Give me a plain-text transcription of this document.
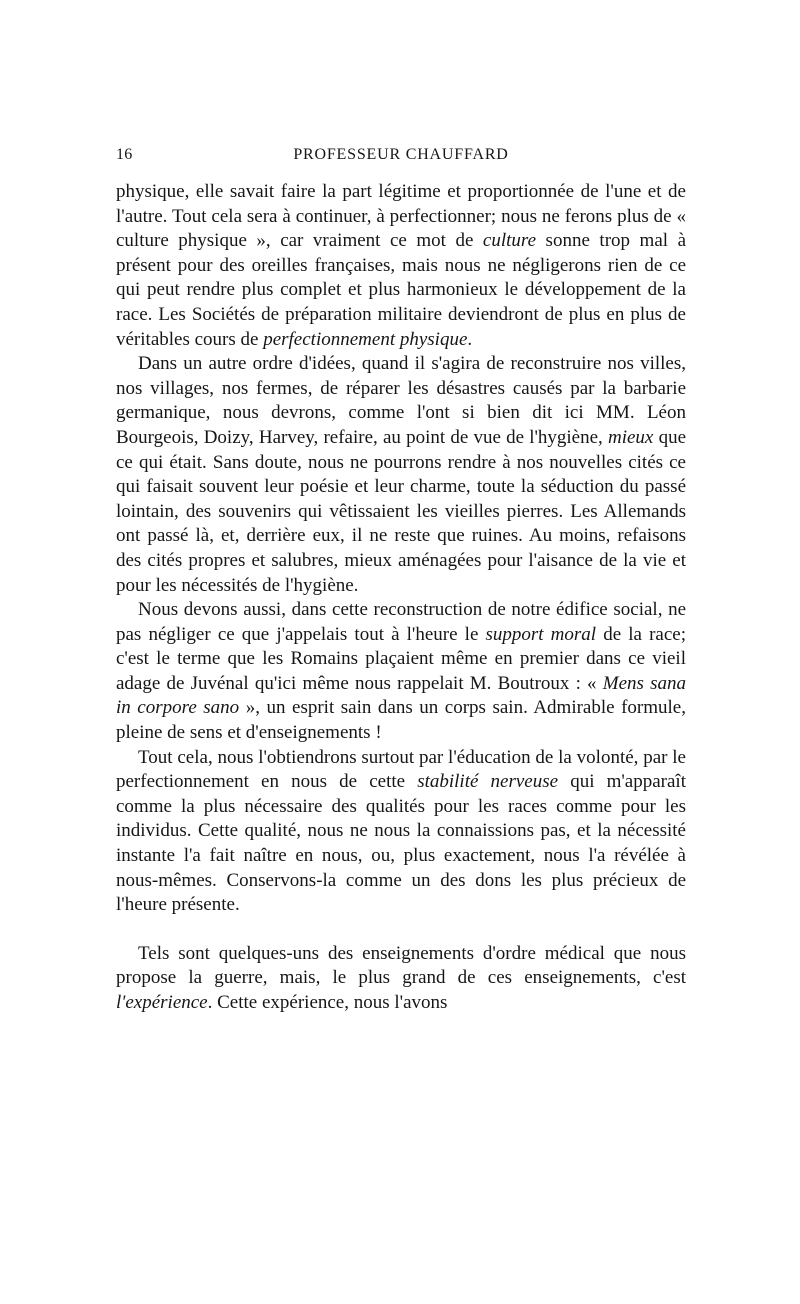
16	PROFESSEUR CHAUFFARD

physique, elle savait faire la part légitime et proportionnée de l'une et de l'autre. Tout cela sera à continuer, à perfectionner; nous ne ferons plus de « culture physique », car vraiment ce mot de culture sonne trop mal à présent pour des oreilles françaises, mais nous ne négligerons rien de ce qui peut rendre plus complet et plus harmonieux le développement de la race. Les Sociétés de préparation militaire deviendront de plus en plus de véritables cours de perfectionnement physique.

Dans un autre ordre d'idées, quand il s'agira de reconstruire nos villes, nos villages, nos fermes, de réparer les désastres causés par la barbarie germanique, nous devrons, comme l'ont si bien dit ici MM. Léon Bourgeois, Doizy, Harvey, refaire, au point de vue de l'hygiène, mieux que ce qui était. Sans doute, nous ne pourrons rendre à nos nouvelles cités ce qui faisait souvent leur poésie et leur charme, toute la séduction du passé lointain, des souvenirs qui vêtissaient les vieilles pierres. Les Allemands ont passé là, et, derrière eux, il ne reste que ruines. Au moins, refaisons des cités propres et salubres, mieux aménagées pour l'aisance de la vie et pour les nécessités de l'hygiène.

Nous devons aussi, dans cette reconstruction de notre édifice social, ne pas négliger ce que j'appelais tout à l'heure le support moral de la race; c'est le terme que les Romains plaçaient même en premier dans ce vieil adage de Juvénal qu'ici même nous rappelait M. Boutroux : « Mens sana in corpore sano », un esprit sain dans un corps sain. Admirable formule, pleine de sens et d'enseignements !

Tout cela, nous l'obtiendrons surtout par l'éducation de la volonté, par le perfectionnement en nous de cette stabilité nerveuse qui m'apparaît comme la plus nécessaire des qualités pour les races comme pour les individus. Cette qualité, nous ne nous la connaissions pas, et la nécessité instante l'a fait naître en nous, ou, plus exactement, nous l'a révélée à nous-mêmes. Conservons-la comme un des dons les plus précieux de l'heure présente.

Tels sont quelques-uns des enseignements d'ordre médical que nous propose la guerre, mais, le plus grand de ces enseignements, c'est l'expérience. Cette expérience, nous l'avons
